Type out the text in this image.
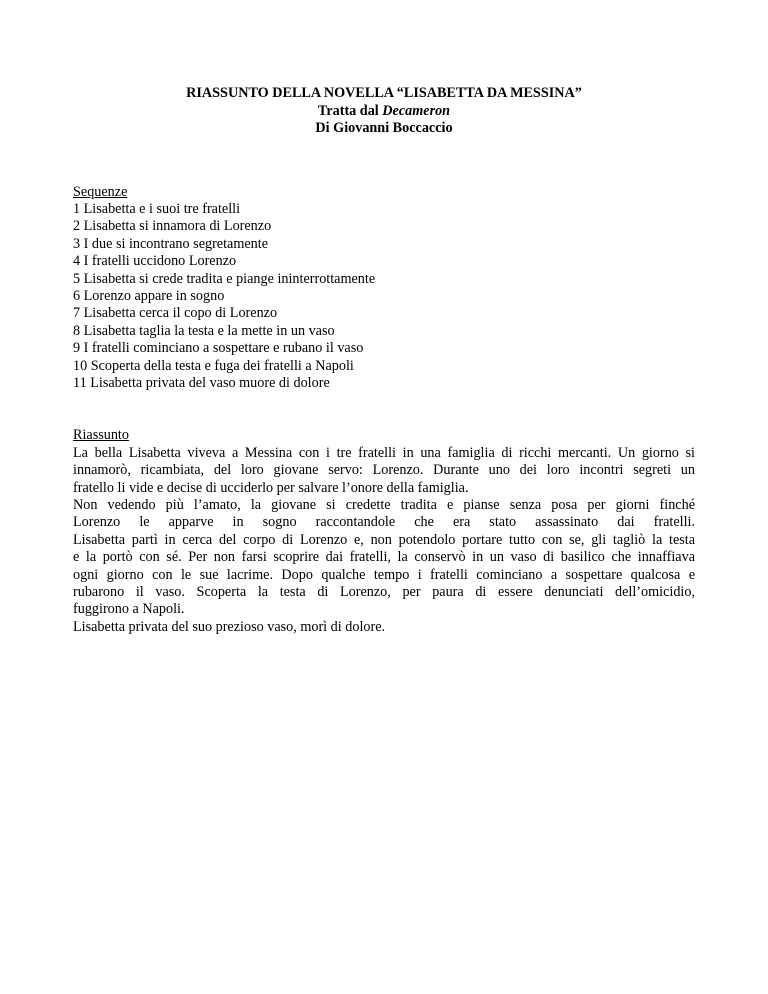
RIASSUNTO DELLA NOVELLA “LISABETTA DA MESSINA”
Tratta dal Decameron
Di Giovanni Boccaccio
Sequenze
1 Lisabetta e i suoi tre fratelli
2 Lisabetta si innamora di Lorenzo
3 I due si incontrano segretamente
4 I fratelli uccidono Lorenzo
5 Lisabetta si crede tradita e piange ininterrottamente
6 Lorenzo appare in sogno
7 Lisabetta cerca il copo di Lorenzo
8 Lisabetta taglia la testa e la mette in un vaso
9 I fratelli cominciano a sospettare e rubano il vaso
10 Scoperta della testa e fuga dei fratelli a Napoli
11 Lisabetta privata del vaso muore di dolore
Riassunto
La bella Lisabetta viveva a Messina con i tre fratelli in una famiglia di ricchi mercanti. Un giorno si
innamorò, ricambiata, del loro giovane servo: Lorenzo. Durante uno dei loro incontri segreti un
fratello li vide e decise di ucciderlo per salvare l’onore della famiglia.
Non vedendo più l’amato, la giovane si credette tradita e pianse senza posa per giorni finché
Lorenzo le apparve in sogno raccontandole che era stato assassinato dai fratelli.
Lisabetta partì in cerca del corpo di Lorenzo e, non potendolo portare tutto con se, gli tagliò la testa
e la portò con sé. Per non farsi scoprire dai fratelli, la conservò in un vaso di basilico che innaffiava
ogni giorno con le sue lacrime. Dopo qualche tempo i fratelli cominciano a sospettare qualcosa e
rubarono il vaso. Scoperta la testa di Lorenzo, per paura di essere denunciati dell’omicidio,
fuggirono a Napoli.
Lisabetta privata del suo prezioso vaso, morì di dolore.
